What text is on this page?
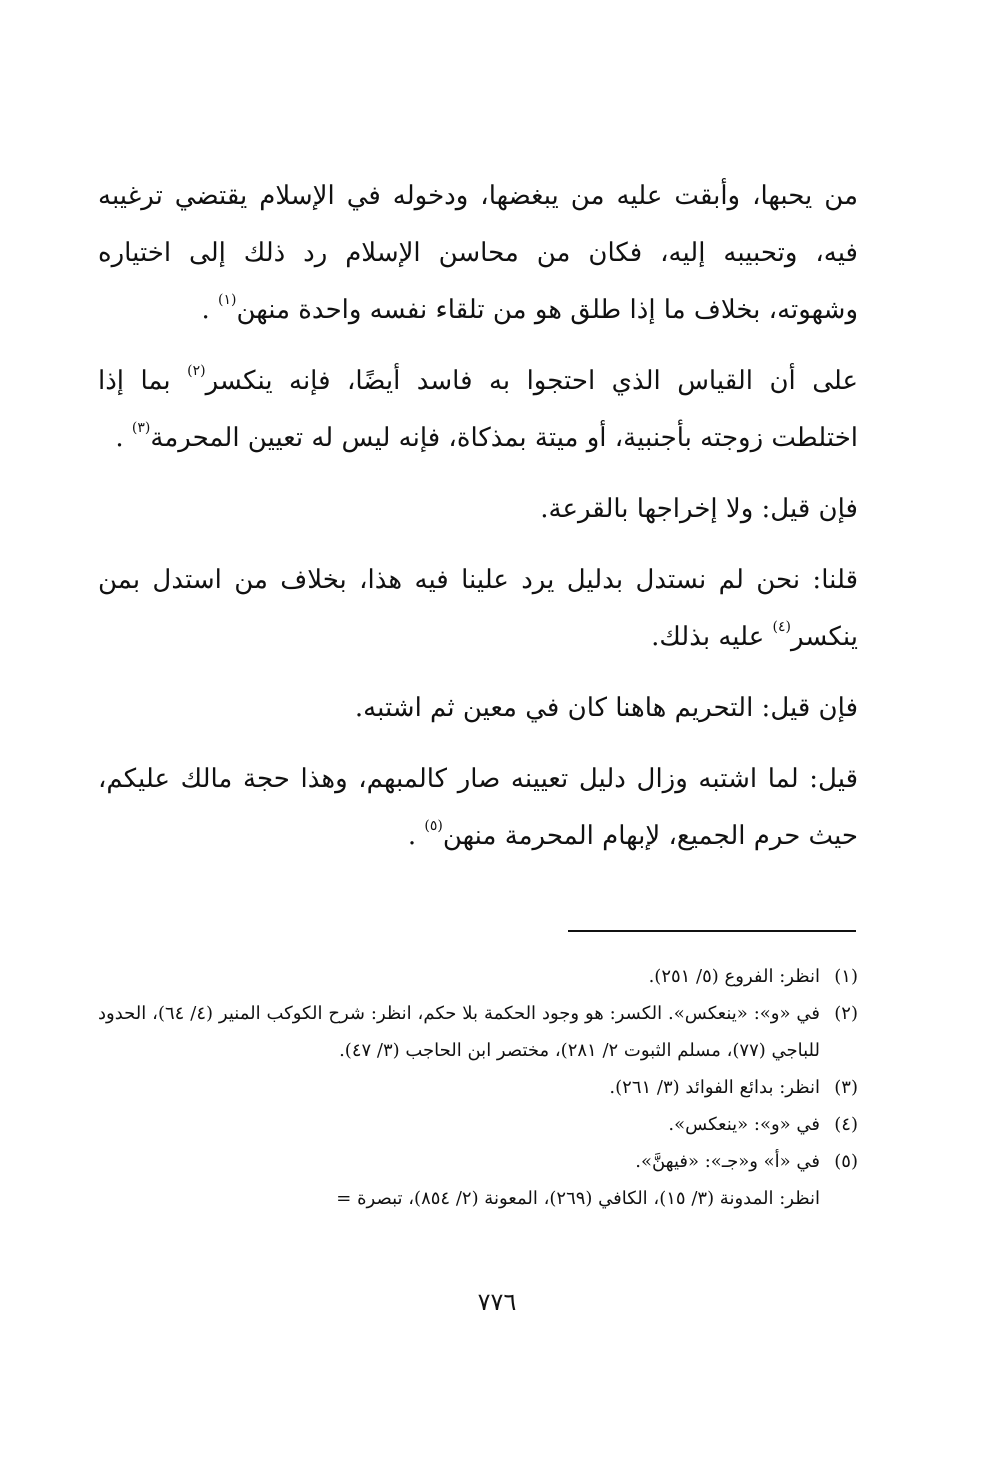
من يحبها، وأبقت عليه من يبغضها، ودخوله في الإسلام يقتضي ترغيبه فيه، وتحبيبه إليه، فكان من محاسن الإسلام رد ذلك إلى اختياره وشهوته، بخلاف ما إذا طلق هو من تلقاء نفسه واحدة منهن$^{(١)}$ .

على أن القياس الذي احتجوا به فاسد أيضًا، فإنه ينكسر$^{(٢)}$ بما إذا اختلطت زوجته بأجنبية، أو ميتة بمذكاة، فإنه ليس له تعيين المحرمة$^{(٣)}$ .

فإن قيل: ولا إخراجها بالقرعة.

قلنا: نحن لم نستدل بدليل يرد علينا فيه هذا، بخلاف من استدل بمن ينكسر$^{(٤)}$ عليه بذلك.

فإن قيل: التحريم هاهنا كان في معين ثم اشتبه.

قيل: لما اشتبه وزال دليل تعيينه صار كالمبهم، وهذا حجة مالك عليكم، حيث حرم الجميع، لإبهام المحرمة منهن$^{(٥)}$ .

(١)
انظر: الفروع (٥/ ٢٥١).
(٢)
في «و»: «ينعكس». الكسر: هو وجود الحكمة بلا حكم، انظر: شرح الكوكب المنير (٤/ ٦٤)، الحدود للباجي (٧٧)، مسلم الثبوت ٢/ ٢٨١)، مختصر ابن الحاجب (٣/ ٤٧).
(٣)
انظر: بدائع الفوائد (٣/ ٢٦١).
(٤)
في «و»: «ينعكس».
(٥)
في «أ» و«جـ»: «فيهنَّ».
انظر: المدونة (٣/ ١٥)، الكافي (٢٦٩)، المعونة (٢/ ٨٥٤)، تبصرة =
٧٧٦
